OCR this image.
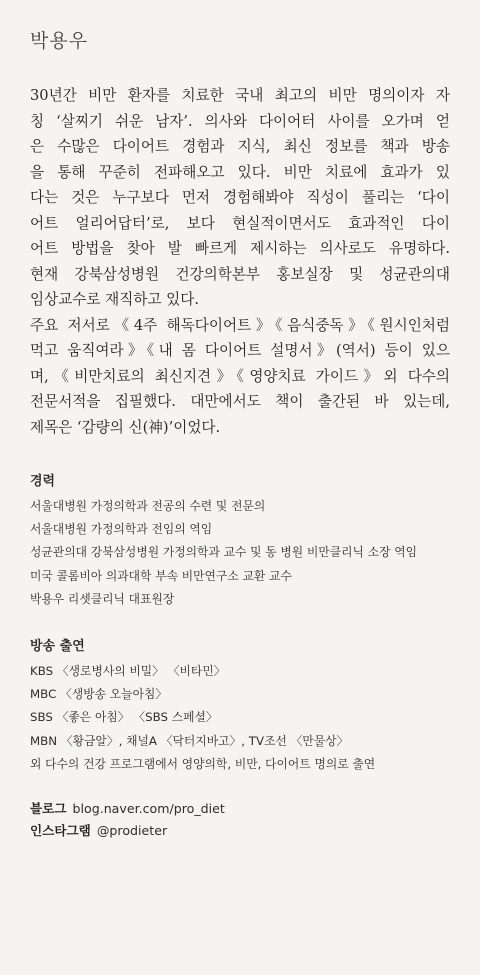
박용우

30년간 비만 환자를 치료한 국내 최고의 비만 명의이자 자
칭 ‘살찌기 쉬운 남자’. 의사와 다이어터 사이를 오가며 얻
은 수많은 다이어트 경험과 지식, 최신 정보를 책과 방송
을 통해 꾸준히 전파해오고 있다. 비만 치료에 효과가 있
다는 것은 누구보다 먼저 경험해봐야 직성이 풀리는 ‘다이
어트 얼리어답터’로, 보다 현실적이면서도 효과적인 다이
어트 방법을 찾아 발 빠르게 제시하는 의사로도 유명하다.
현재 강북삼성병원 건강의학본부 홍보실장 및 성균관의대
임상교수로 재직하고 있다.
주요 저서로《4주 해독다이어트》《음식중독》《원시인처럼
먹고 움직여라》《내 몸 다이어트 설명서》(역서) 등이 있으
며,《비만치료의 최신지견》《영양치료 가이드》외 다수의
전문서적을 집필했다. 대만에서도 책이 출간된 바 있는데,
제목은 ‘감량의 신(神)’이었다.

경력
서울대병원 가정의학과 전공의 수련 및 전문의
서울대병원 가정의학과 전임의 역임
성균관의대 강북삼성병원 가정의학과 교수 및 동 병원 비만클리닉 소장 역임
미국 콜롬비아 의과대학 부속 비만연구소 교환 교수
박용우 리셋클리닉 대표원장
방송 출연
KBS 〈생로병사의 비밀〉 〈비타민〉
MBC 〈생방송 오늘아침〉
SBS 〈좋은 아침〉 〈SBS 스페셜〉
MBN 〈황금알〉, 채널A 〈닥터지바고〉, TV조선 〈만물상〉
외 다수의 건강 프로그램에서 영양의학, 비만, 다이어트 명의로 출연
블로그 blog.naver.com/pro_diet
인스타그램 @prodieter
